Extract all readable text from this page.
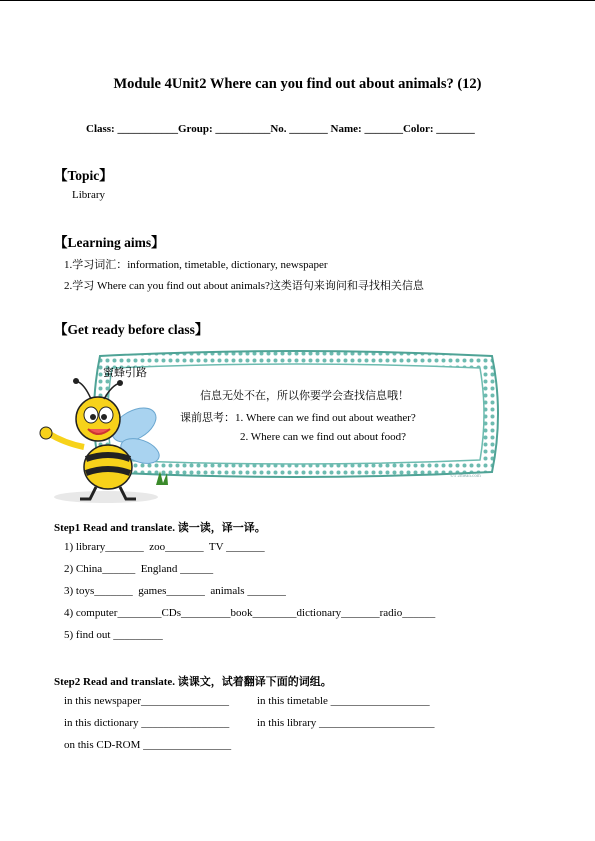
Module 4Unit2 Where can you find out about animals? (12)
Class: ___________Group: __________No. _______ Name: _______Color: _______
【Topic】
Library
【Learning aims】
1.学习词汇：information, timetable, dictionary, newspaper
2.学习 Where can you find out about animals?这类语句来询问和寻找相关信息
【Get ready before class】
蜜蜂引路
信息无处不在，所以你要学会查找信息哦！
课前思考：1. Where can we find out about weather?
2. Where can we find out about food?
©1 2mean.com
Step1 Read and translate. 读一读，译一译。
1) library_______  zoo_______  TV _______
2) China______  England ______
3) toys_______  games_______  animals _______
4) computer________CDs_________book________dictionary_______radio______
5) find out _________
Step2 Read and translate. 读课文，试着翻译下面的词组。
in this newspaper________________	in this timetable __________________
in this dictionary ________________	in this library _____________________
on this CD-ROM ________________
